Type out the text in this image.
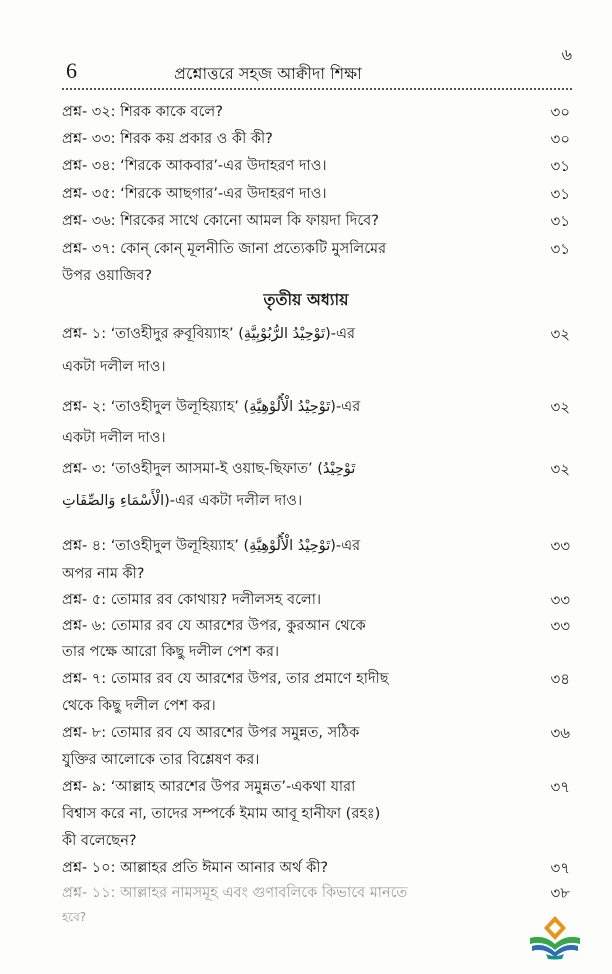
6	প্রশ্নোত্তরে সহজ আক্বীদা শিক্ষা
৬
প্রশ্ন- ৩২: শিরক কাকে বলে?	৩০
প্রশ্ন- ৩৩: শিরক কয় প্রকার ও কী কী?	৩০
প্রশ্ন- ৩৪: ‘শিরকে আকবার’-এর উদাহরণ দাও।	৩১
প্রশ্ন- ৩৫: ‘শিরকে আছগার’-এর উদাহরণ দাও।	৩১
প্রশ্ন- ৩৬: শিরকের সাথে কোনো আমল কি ফায়দা দিবে?	৩১
প্রশ্ন- ৩৭: কোন্ কোন্ মূলনীতি জানা প্রত্যেকটি মুসলিমের	৩১
উপর ওয়াজিব?
তৃতীয় অধ্যায়
প্রশ্ন- ১: ‘তাওহীদুর রুবূবিয়্যাহ’ (تَوْحِيْدُ الرُّبُوْبِيَّةِ)-এর	৩২
একটা দলীল দাও।
প্রশ্ন- ২: ‘তাওহীদুল উলূহিয়্যাহ’ (تَوْحِيْدُ الْأُلُوْهِيَّةِ)-এর	৩২
একটা দলীল দাও।
প্রশ্ন- ৩: ‘তাওহীদুল আসমা-ই ওয়াছ-ছিফাত’ (تَوْحِيْدُ	৩২
الْأَسْمَاءِ وَالصِّفَاتِ)-এর একটা দলীল দাও।
প্রশ্ন- ৪: ‘তাওহীদুল উলূহিয়্যাহ’ (تَوْحِيْدُ الْأُلُوْهِيَّةِ)-এর	৩৩
অপর নাম কী?
প্রশ্ন- ৫: তোমার রব কোথায়? দলীলসহ বলো।	৩৩
প্রশ্ন- ৬: তোমার রব যে আরশের উপর, কুরআন থেকে	৩৩
তার পক্ষে আরো কিছু দলীল পেশ কর।
প্রশ্ন- ৭: তোমার রব যে আরশের উপর, তার প্রমাণে হাদীছ	৩৪
থেকে কিছু দলীল পেশ কর।
প্রশ্ন- ৮: তোমার রব যে আরশের উপর সমুন্নত, সঠিক	৩৬
যুক্তির আলোকে তার বিশ্লেষণ কর।
প্রশ্ন- ৯: ‘আল্লাহ আরশের উপর সমুন্নত’-একথা যারা	৩৭
বিশ্বাস করে না, তাদের সম্পর্কে ইমাম আবূ হানীফা (রহঃ)
কী বলেছেন?
প্রশ্ন- ১০: আল্লাহর প্রতি ঈমান আনার অর্থ কী?	৩৭
প্রশ্ন- ১১: আল্লাহর নামসমূহ এবং গুণাবলিকে কিভাবে মানতে	৩৮
হবে?
